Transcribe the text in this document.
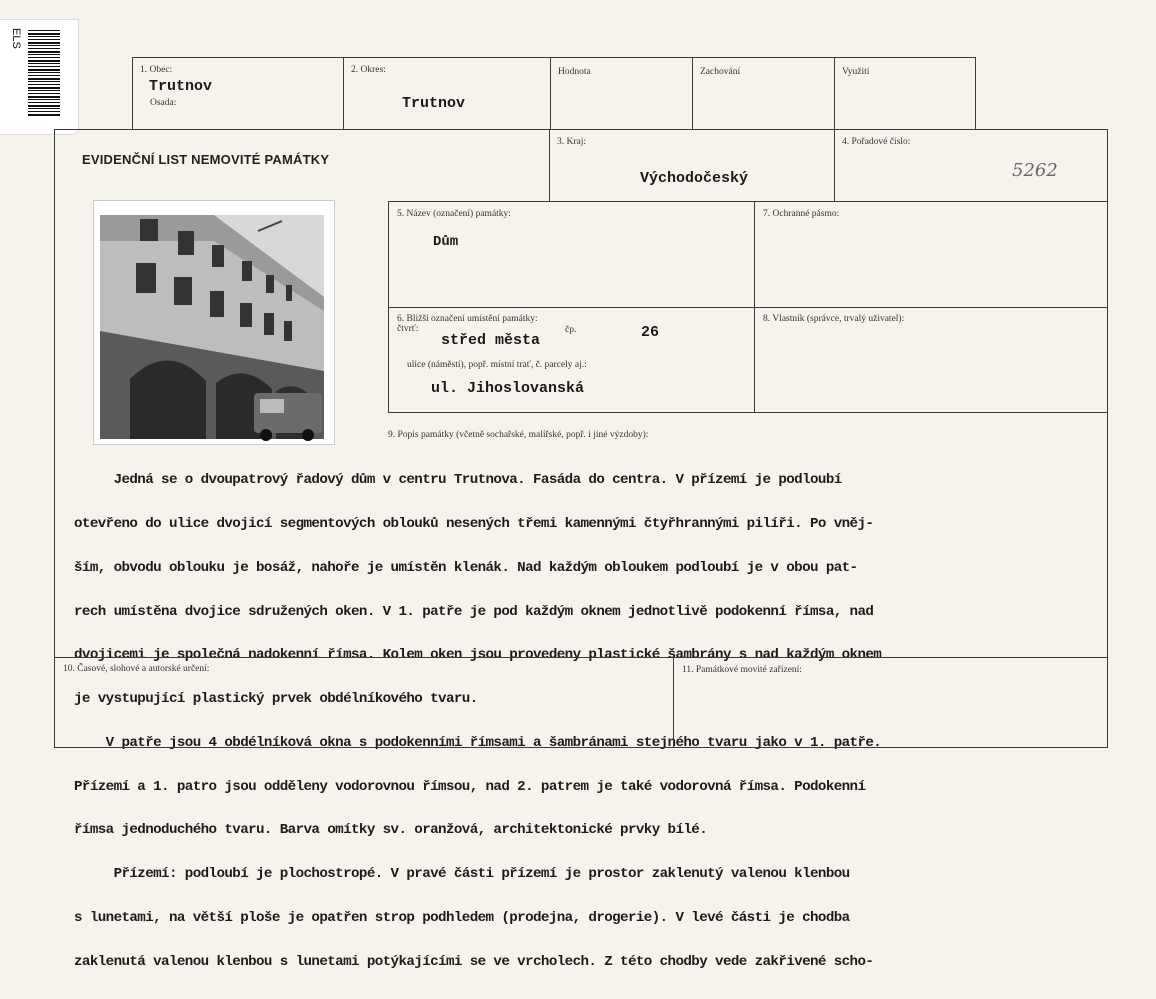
ELS
1. Obec:
Trutnov
Osada:
2. Okres:
Trutnov
Hodnota	Zachování	Využití
EVIDENČNÍ LIST NEMOVITÉ PAMÁTKY
3. Kraj:
Východočeský
4. Pořadové číslo:
5262
5. Název (označení) památky:
Dům
7. Ochranné pásmo:
6. Bližší označení umístění památky:
čtvrť:
střed města
čp.	26
ulice (náměstí), popř. místní trať, č. parcely aj.:
ul. Jihoslovanská
8. Vlastník (správce, trvalý uživatel):
9. Popis památky (včetně sochařské, malířské, popř. i jiné výzdoby):

Jedná se o dvoupatrový řadový dům v centru Trutnova. Fasáda do centra. V přízemí je podloubí

otevřeno do ulice dvojicí segmentových oblouků nesených třemi kamennými čtyřhrannými pilíři. Po vněj-

ším, obvodu oblouku je bosáž, nahoře je umístěn klenák. Nad každým obloukem podloubí je v obou pat-

rech umístěna dvojice sdružených oken. V 1. patře je pod každým oknem jednotlivě podokenní římsa, nad

dvojicemi je společná nadokenní římsa. Kolem oken jsou provedeny plastické šambrány s nad každým oknem

je vystupující plastický prvek obdélníkového tvaru.

V patře jsou 4 obdélníková okna s podokenními římsami a šambránami stejného tvaru jako v 1. patře.

Přízemí a 1. patro jsou odděleny vodorovnou římsou, nad 2. patrem je také vodorovná římsa. Podokenní

římsa jednoduchého tvaru. Barva omítky sv. oranžová, architektonické prvky bílé.

Přízemí: podloubí je plochostropé. V pravé části přízemí je prostor zaklenutý valenou klenbou

s lunetami, na větší ploše je opatřen strop podhledem (prodejna, drogerie). V levé části je chodba

zaklenutá valenou klenbou s lunetami potýkajícími se ve vrcholech. Z této chodby vede zakřivené scho-

10. Časové, slohové a autorské určení:	11. Památkové movité zařízení:
